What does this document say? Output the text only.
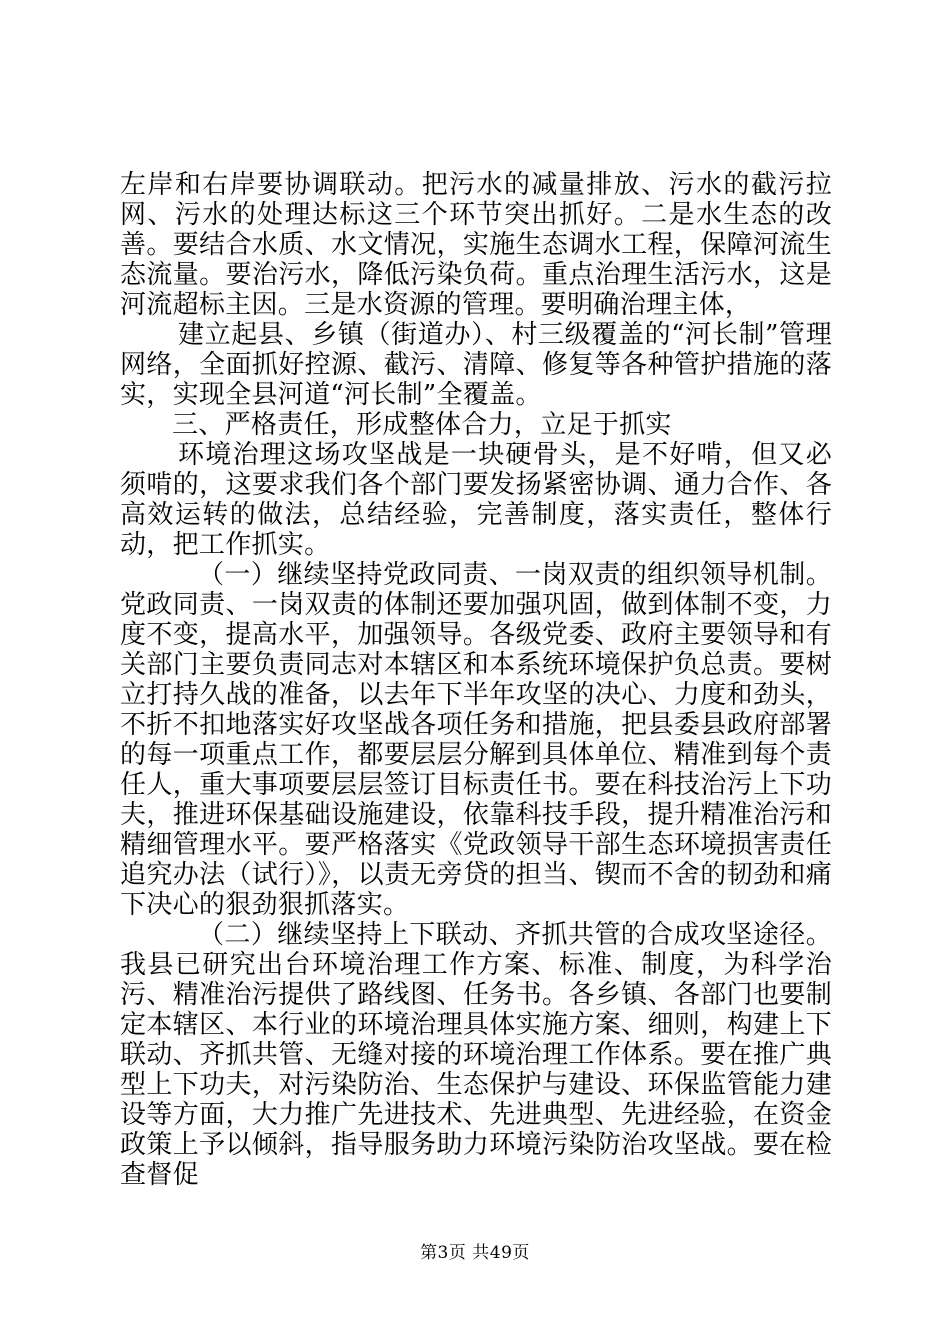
左岸和右岸要协调联动。把污水的减量排放、污水的截污拉网、污水的处理达标这三个环节突出抓好。二是水生态的改善。要结合水质、水文情况，实施生态调水工程，保障河流生态流量。要治污水，降低污染负荷。重点治理生活污水，这是河流超标主因。三是水资源的管理。要明确治理主体，

建立起县、乡镇（街道办）、村三级覆盖的“河长制”管理网络，全面抓好控源、截污、清障、修复等各种管护措施的落实，实现全县河道“河长制”全覆盖。

三、严格责任，形成整体合力，立足于抓实

环境治理这场攻坚战是一块硬骨头，是不好啃，但又必须啃的，这要求我们各个部门要发扬紧密协调、通力合作、各高效运转的做法，总结经验，完善制度，落实责任，整体行动，把工作抓实。

（一）继续坚持党政同责、一岗双责的组织领导机制。党政同责、一岗双责的体制还要加强巩固，做到体制不变，力度不变，提高水平，加强领导。各级党委、政府主要领导和有关部门主要负责同志对本辖区和本系统环境保护负总责。要树立打持久战的准备，以去年下半年攻坚的决心、力度和劲头，不折不扣地落实好攻坚战各项任务和措施，把县委县政府部署的每一项重点工作，都要层层分解到具体单位、精准到每个责任人，重大事项要层层签订目标责任书。要在科技治污上下功夫，推进环保基础设施建设，依靠科技手段，提升精准治污和精细管理水平。要严格落实《党政领导干部生态环境损害责任追究办法（试行）》，以责无旁贷的担当、锲而不舍的韧劲和痛下决心的狠劲狠抓落实。

（二）继续坚持上下联动、齐抓共管的合成攻坚途径。我县已研究出台环境治理工作方案、标准、制度，为科学治污、精准治污提供了路线图、任务书。各乡镇、各部门也要制定本辖区、本行业的环境治理具体实施方案、细则，构建上下联动、齐抓共管、无缝对接的环境治理工作体系。要在推广典型上下功夫，对污染防治、生态保护与建设、环保监管能力建设等方面，大力推广先进技术、先进典型、先进经验，在资金政策上予以倾斜，指导服务助力环境污染防治攻坚战。要在检查督促

第3页 共49页
